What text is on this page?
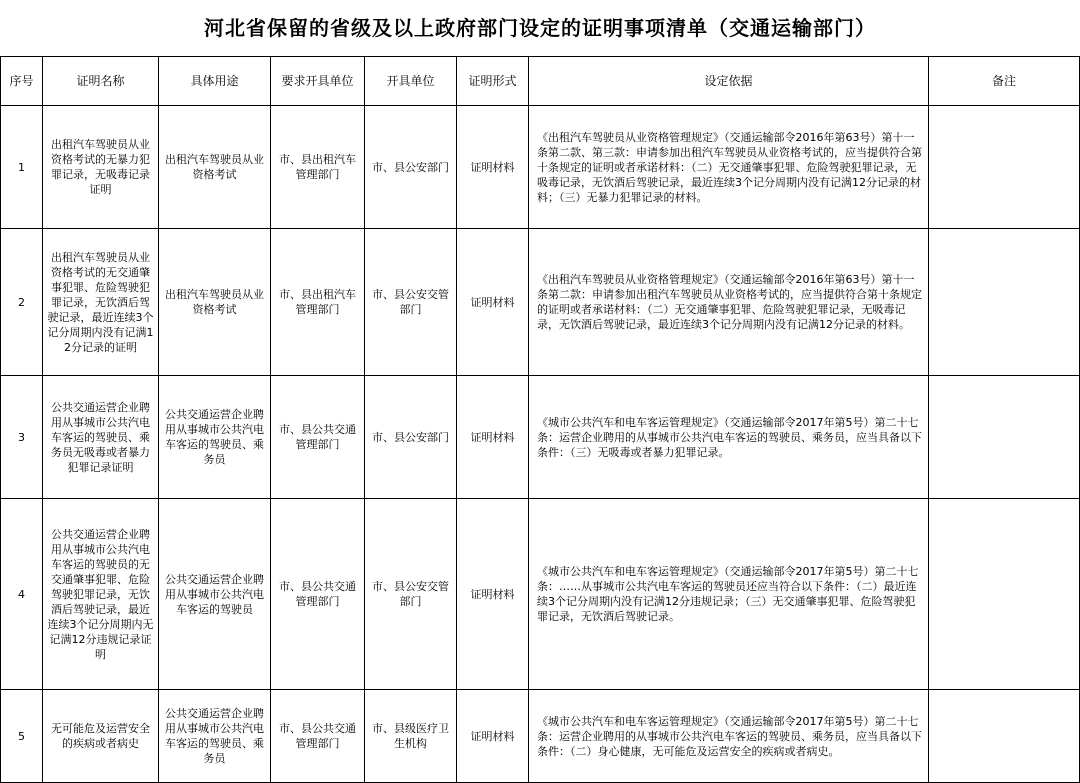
河北省保留的省级及以上政府部门设定的证明事项清单（交通运输部门）
序号	证明名称	具体用途	要求开具单位	开具单位	证明形式	设定依据	备注
1	出租汽车驾驶员从业资格考试的无暴力犯罪记录，无吸毒记录证明	出租汽车驾驶员从业资格考试	市、县出租汽车管理部门	市、县公安部门	证明材料	《出租汽车驾驶员从业资格管理规定》（交通运输部令2016年第63号）第十一条第二款、第三款：申请参加出租汽车驾驶员从业资格考试的，应当提供符合第十条规定的证明或者承诺材料：（二）无交通肇事犯罪、危险驾驶犯罪记录，无吸毒记录，无饮酒后驾驶记录，最近连续3个记分周期内没有记满12分记录的材料；（三）无暴力犯罪记录的材料。	
2	出租汽车驾驶员从业资格考试的无交通肇事犯罪、危险驾驶犯罪记录，无饮酒后驾驶记录，最近连续3个记分周期内没有记满12分记录的证明	出租汽车驾驶员从业资格考试	市、县出租汽车管理部门	市、县公安交管部门	证明材料	《出租汽车驾驶员从业资格管理规定》（交通运输部令2016年第63号）第十一条第二款：申请参加出租汽车驾驶员从业资格考试的，应当提供符合第十条规定的证明或者承诺材料：（二）无交通肇事犯罪、危险驾驶犯罪记录，无吸毒记录，无饮酒后驾驶记录，最近连续3个记分周期内没有记满12分记录的材料。	
3	公共交通运营企业聘用从事城市公共汽电车客运的驾驶员、乘务员无吸毒或者暴力犯罪记录证明	公共交通运营企业聘用从事城市公共汽电车客运的驾驶员、乘务员	市、县公共交通管理部门	市、县公安部门	证明材料	《城市公共汽车和电车客运管理规定》（交通运输部令2017年第5号）第二十七条：运营企业聘用的从事城市公共汽电车客运的驾驶员、乘务员，应当具备以下条件：（三）无吸毒或者暴力犯罪记录。	
4	公共交通运营企业聘用从事城市公共汽电车客运的驾驶员的无交通肇事犯罪、危险驾驶犯罪记录，无饮酒后驾驶记录，最近连续3个记分周期内无记满12分违规记录证明	公共交通运营企业聘用从事城市公共汽电车客运的驾驶员	市、县公共交通管理部门	市、县公安交管部门	证明材料	《城市公共汽车和电车客运管理规定》（交通运输部令2017年第5号）第二十七条：……从事城市公共汽电车客运的驾驶员还应当符合以下条件：（二）最近连续3个记分周期内没有记满12分违规记录；（三）无交通肇事犯罪、危险驾驶犯罪记录，无饮酒后驾驶记录。	
5	无可能危及运营安全的疾病或者病史	公共交通运营企业聘用从事城市公共汽电车客运的驾驶员、乘务员	市、县公共交通管理部门	市、县级医疗卫生机构	证明材料	《城市公共汽车和电车客运管理规定》（交通运输部令2017年第5号）第二十七条：运营企业聘用的从事城市公共汽电车客运的驾驶员、乘务员，应当具备以下条件：（二）身心健康，无可能危及运营安全的疾病或者病史。	
